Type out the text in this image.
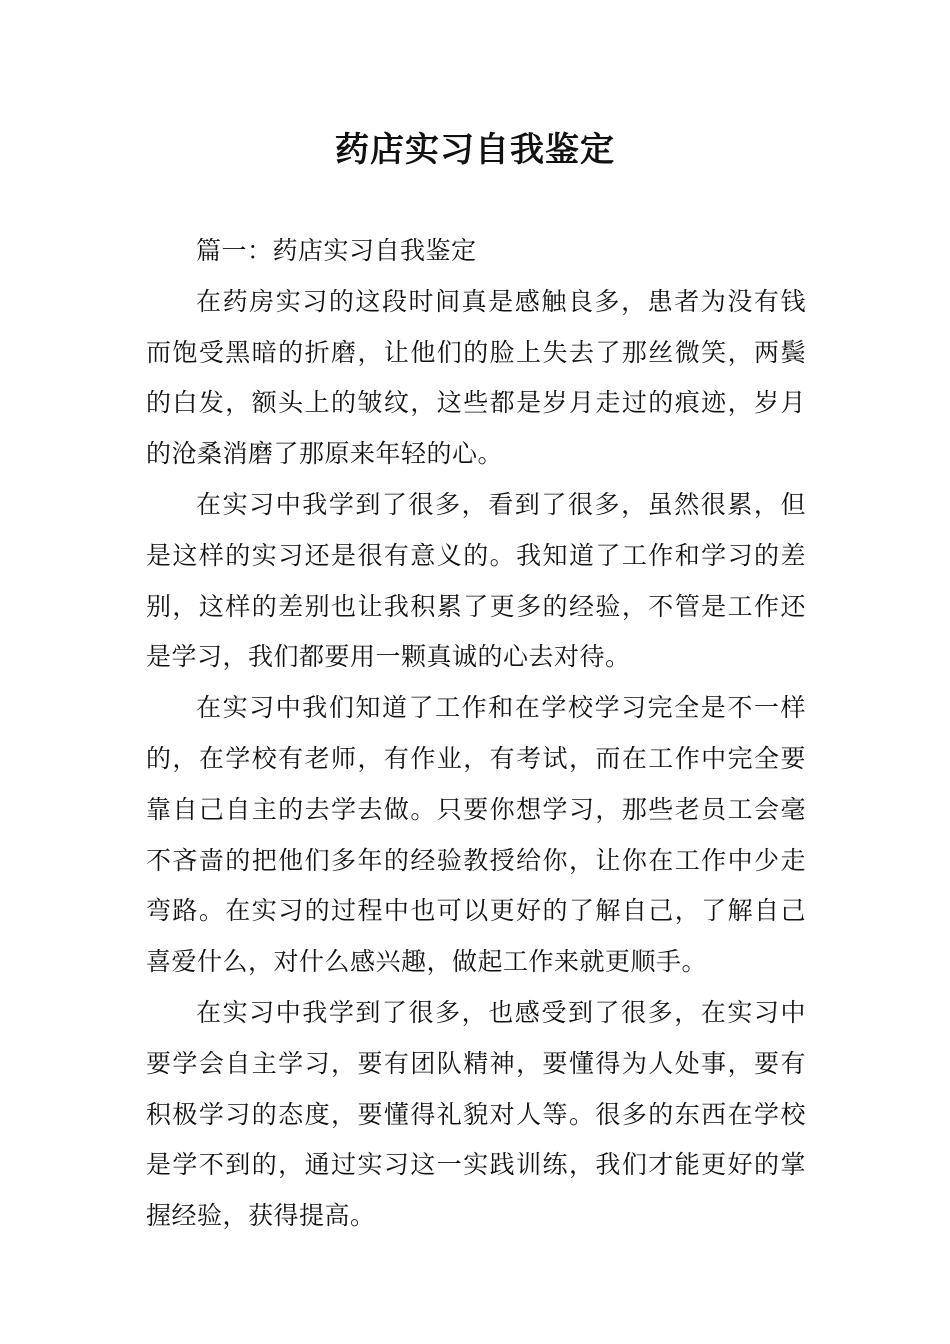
药店实习自我鉴定

篇一：药店实习自我鉴定

在药房实习的这段时间真是感触良多，患者为没有钱而饱受黑暗的折磨，让他们的脸上失去了那丝微笑，两鬓的白发，额头上的皱纹，这些都是岁月走过的痕迹，岁月的沧桑消磨了那原来年轻的心。

在实习中我学到了很多，看到了很多，虽然很累，但是这样的实习还是很有意义的。我知道了工作和学习的差别，这样的差别也让我积累了更多的经验，不管是工作还是学习，我们都要用一颗真诚的心去对待。

在实习中我们知道了工作和在学校学习完全是不一样的，在学校有老师，有作业，有考试，而在工作中完全要靠自己自主的去学去做。只要你想学习，那些老员工会毫不吝啬的把他们多年的经验教授给你，让你在工作中少走弯路。在实习的过程中也可以更好的了解自己，了解自己喜爱什么，对什么感兴趣，做起工作来就更顺手。

在实习中我学到了很多，也感受到了很多，在实习中要学会自主学习，要有团队精神，要懂得为人处事，要有积极学习的态度，要懂得礼貌对人等。很多的东西在学校是学不到的，通过实习这一实践训练，我们才能更好的掌握经验，获得提高。
